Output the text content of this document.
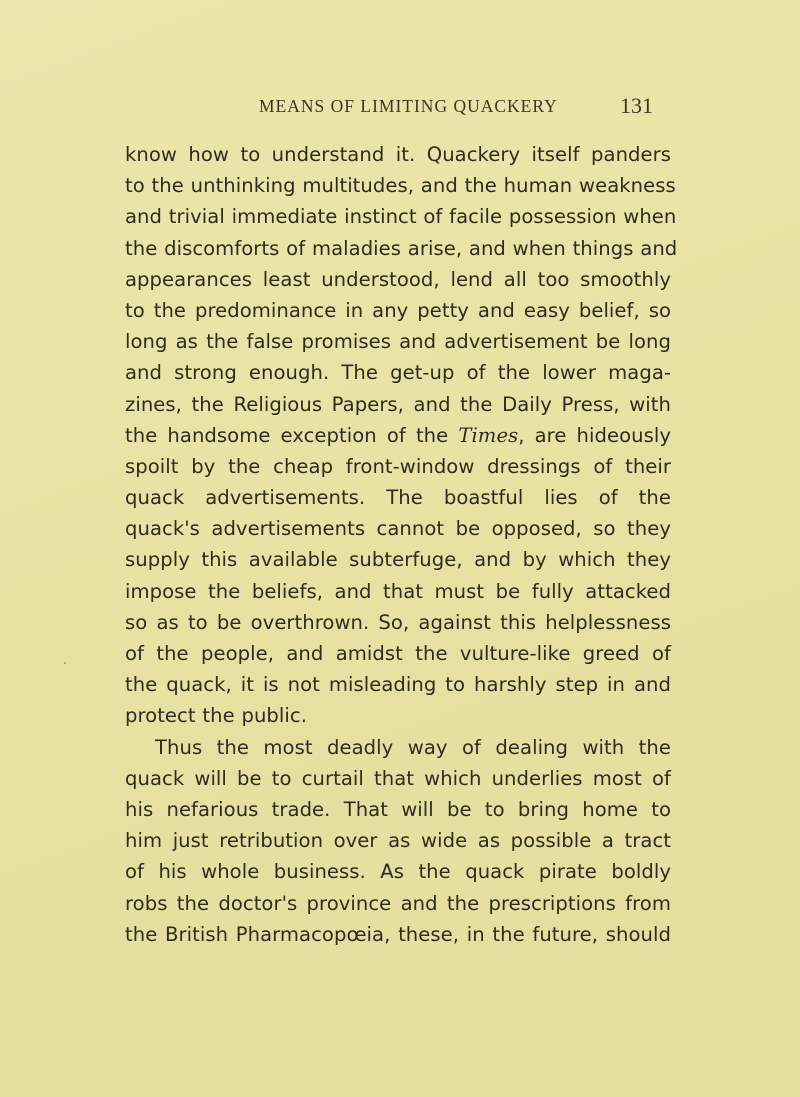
MEANS OF LIMITING QUACKERY	131
know how to understand it. Quackery itself panders
to the unthinking multitudes, and the human weakness
and trivial immediate instinct of facile possession when
the discomforts of maladies arise, and when things and
appearances least understood, lend all too smoothly
to the predominance in any petty and easy belief, so
long as the false promises and advertisement be long
and strong enough. The get-up of the lower maga-
zines, the Religious Papers, and the Daily Press, with
the handsome exception of the Times, are hideously
spoilt by the cheap front-window dressings of their
quack advertisements. The boastful lies of the
quack's advertisements cannot be opposed, so they
supply this available subterfuge, and by which they
impose the beliefs, and that must be fully attacked
so as to be overthrown. So, against this helplessness
of the people, and amidst the vulture-like greed of
the quack, it is not misleading to harshly step in and
protect the public.
Thus the most deadly way of dealing with the
quack will be to curtail that which underlies most of
his nefarious trade. That will be to bring home to
him just retribution over as wide as possible a tract
of his whole business. As the quack pirate boldly
robs the doctor's province and the prescriptions from
the British Pharmacopœia, these, in the future, should
